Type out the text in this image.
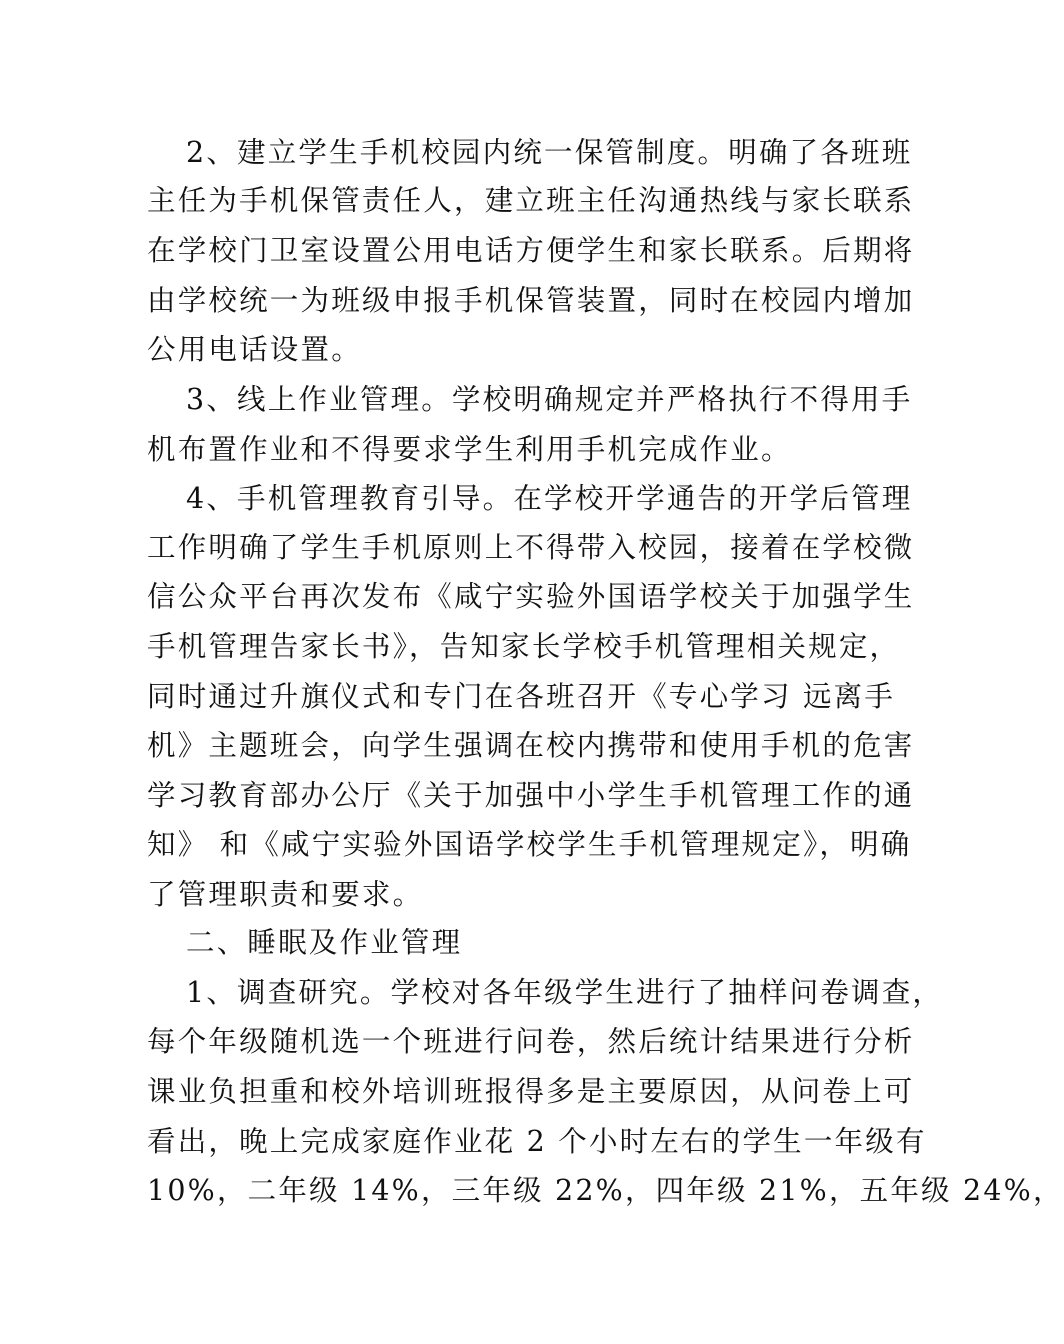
2、建立学生手机校园内统一保管制度。明确了各班班
主任为手机保管责任人，建立班主任沟通热线与家长联系
在学校门卫室设置公用电话方便学生和家长联系。后期将
由学校统一为班级申报手机保管装置，同时在校园内增加
公用电话设置。
3、线上作业管理。学校明确规定并严格执行不得用手
机布置作业和不得要求学生利用手机完成作业。
4、手机管理教育引导。在学校开学通告的开学后管理
工作明确了学生手机原则上不得带入校园，接着在学校微
信公众平台再次发布《咸宁实验外国语学校关于加强学生
手机管理告家长书》，告知家长学校手机管理相关规定，
同时通过升旗仪式和专门在各班召开《专心学习 远离手
机》主题班会，向学生强调在校内携带和使用手机的危害
学习教育部办公厅《关于加强中小学生手机管理工作的通
知》 和《咸宁实验外国语学校学生手机管理规定》，明确
了管理职责和要求。
二、睡眠及作业管理
1、调查研究。学校对各年级学生进行了抽样问卷调查，
每个年级随机选一个班进行问卷，然后统计结果进行分析
课业负担重和校外培训班报得多是主要原因，从问卷上可
看出，晚上完成家庭作业花 2 个小时左右的学生一年级有
10%，二年级 14%，三年级 22%，四年级 21%，五年级 24%，
